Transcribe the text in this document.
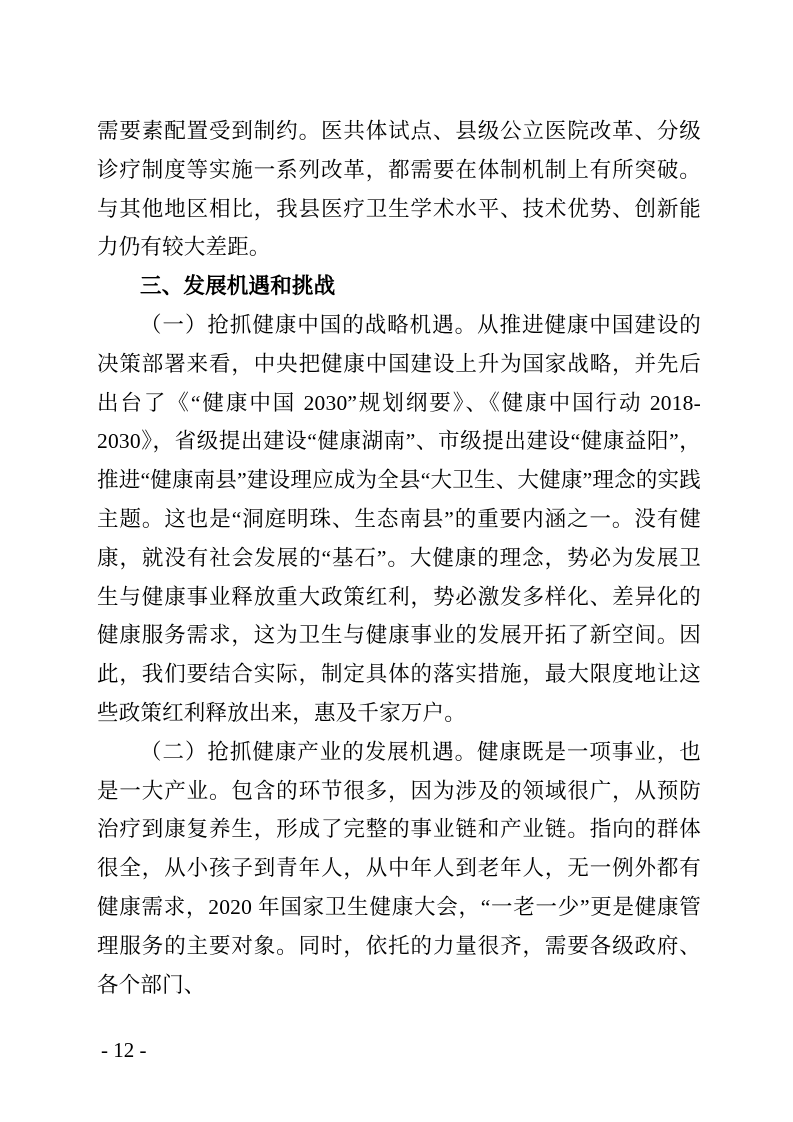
需要素配置受到制约。医共体试点、县级公立医院改革、分级诊疗制度等实施一系列改革，都需要在体制机制上有所突破。与其他地区相比，我县医疗卫生学术水平、技术优势、创新能力仍有较大差距。

三、发展机遇和挑战

（一）抢抓健康中国的战略机遇。从推进健康中国建设的决策部署来看，中央把健康中国建设上升为国家战略，并先后出台了《“健康中国 2030”规划纲要》、《健康中国行动 2018-2030》，省级提出建设“健康湖南”、市级提出建设“健康益阳”，推进“健康南县”建设理应成为全县“大卫生、大健康”理念的实践主题。这也是“洞庭明珠、生态南县”的重要内涵之一。没有健康，就没有社会发展的“基石”。大健康的理念，势必为发展卫生与健康事业释放重大政策红利，势必激发多样化、差异化的健康服务需求，这为卫生与健康事业的发展开拓了新空间。因此，我们要结合实际，制定具体的落实措施，最大限度地让这些政策红利释放出来，惠及千家万户。

（二）抢抓健康产业的发展机遇。健康既是一项事业，也是一大产业。包含的环节很多，因为涉及的领域很广，从预防治疗到康复养生，形成了完整的事业链和产业链。指向的群体很全，从小孩子到青年人，从中年人到老年人，无一例外都有健康需求，2020 年国家卫生健康大会，“一老一少”更是健康管理服务的主要对象。同时，依托的力量很齐，需要各级政府、各个部门、

- 12 -
